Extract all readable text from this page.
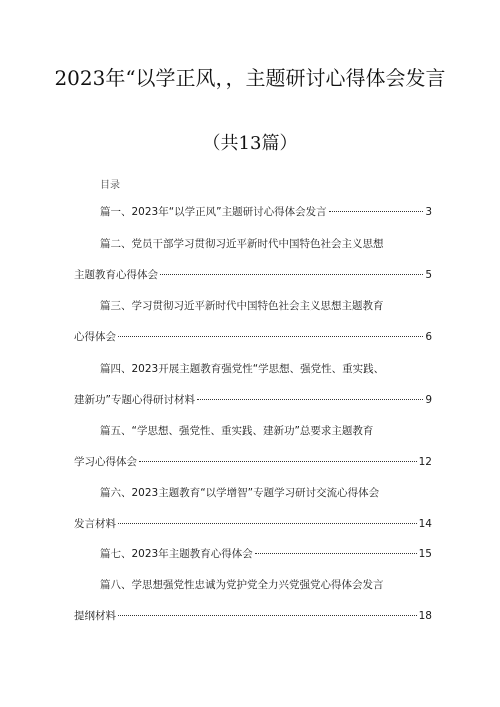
2023年“以学正风，，主题研讨心得体会发言
（共13篇）
目录
篇一、2023年“以学正风”主题研讨心得体会发言	3
篇二、党员干部学习贯彻习近平新时代中国特色社会主义思想
主题教育心得体会	5
篇三、学习贯彻习近平新时代中国特色社会主义思想主题教育
心得体会	6
篇四、2023开展主题教育强党性“学思想、强党性、重实践、
建新功”专题心得研讨材料	9
篇五、“学思想、强党性、重实践、建新功”总要求主题教育
学习心得体会	12
篇六、2023主题教育“以学增智”专题学习研讨交流心得体会
发言材料	14
篇七、2023年主题教育心得体会	15
篇八、学思想强党性忠诚为党护党全力兴党强党心得体会发言
提纲材料	18
